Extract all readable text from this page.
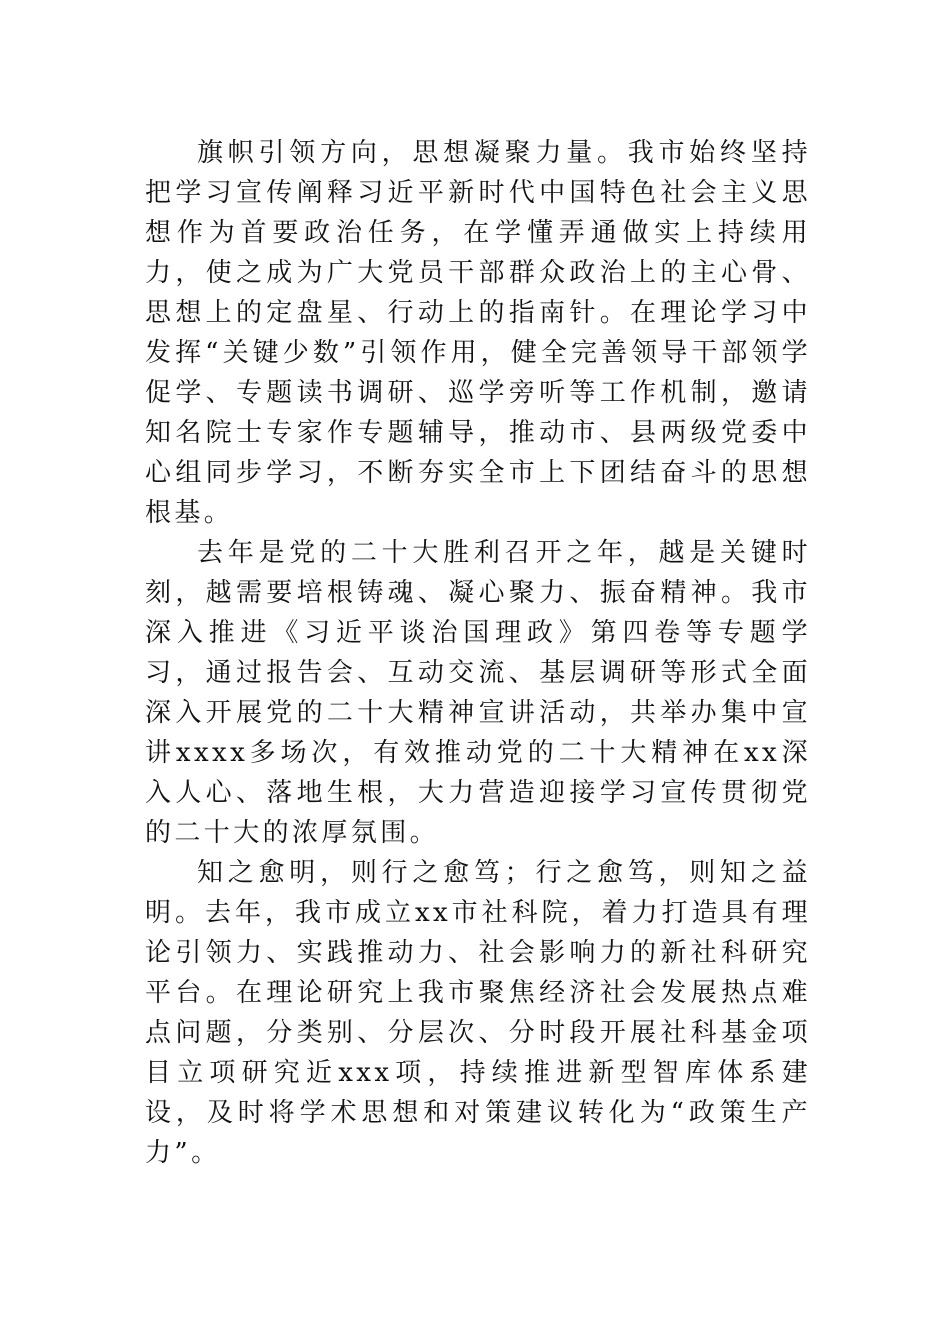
旗帜引领方向，思想凝聚力量。我市始终坚持把学习宣传阐释习近平新时代中国特色社会主义思想作为首要政治任务，在学懂弄通做实上持续用力，使之成为广大党员干部群众政治上的主心骨、思想上的定盘星、行动上的指南针。在理论学习中发挥“关键少数”引领作用，健全完善领导干部领学促学、专题读书调研、巡学旁听等工作机制，邀请知名院士专家作专题辅导，推动市、县两级党委中心组同步学习，不断夯实全市上下团结奋斗的思想根基。

去年是党的二十大胜利召开之年，越是关键时刻，越需要培根铸魂、凝心聚力、振奋精神。我市深入推进《习近平谈治国理政》第四卷等专题学习，通过报告会、互动交流、基层调研等形式全面深入开展党的二十大精神宣讲活动，共举办集中宣讲xxxx多场次，有效推动党的二十大精神在xx深入人心、落地生根，大力营造迎接学习宣传贯彻党的二十大的浓厚氛围。

知之愈明，则行之愈笃；行之愈笃，则知之益明。去年，我市成立xx市社科院，着力打造具有理论引领力、实践推动力、社会影响力的新社科研究平台。在理论研究上我市聚焦经济社会发展热点难点问题，分类别、分层次、分时段开展社科基金项目立项研究近xxx项，持续推进新型智库体系建设，及时将学术思想和对策建议转化为“政策生产力”。
